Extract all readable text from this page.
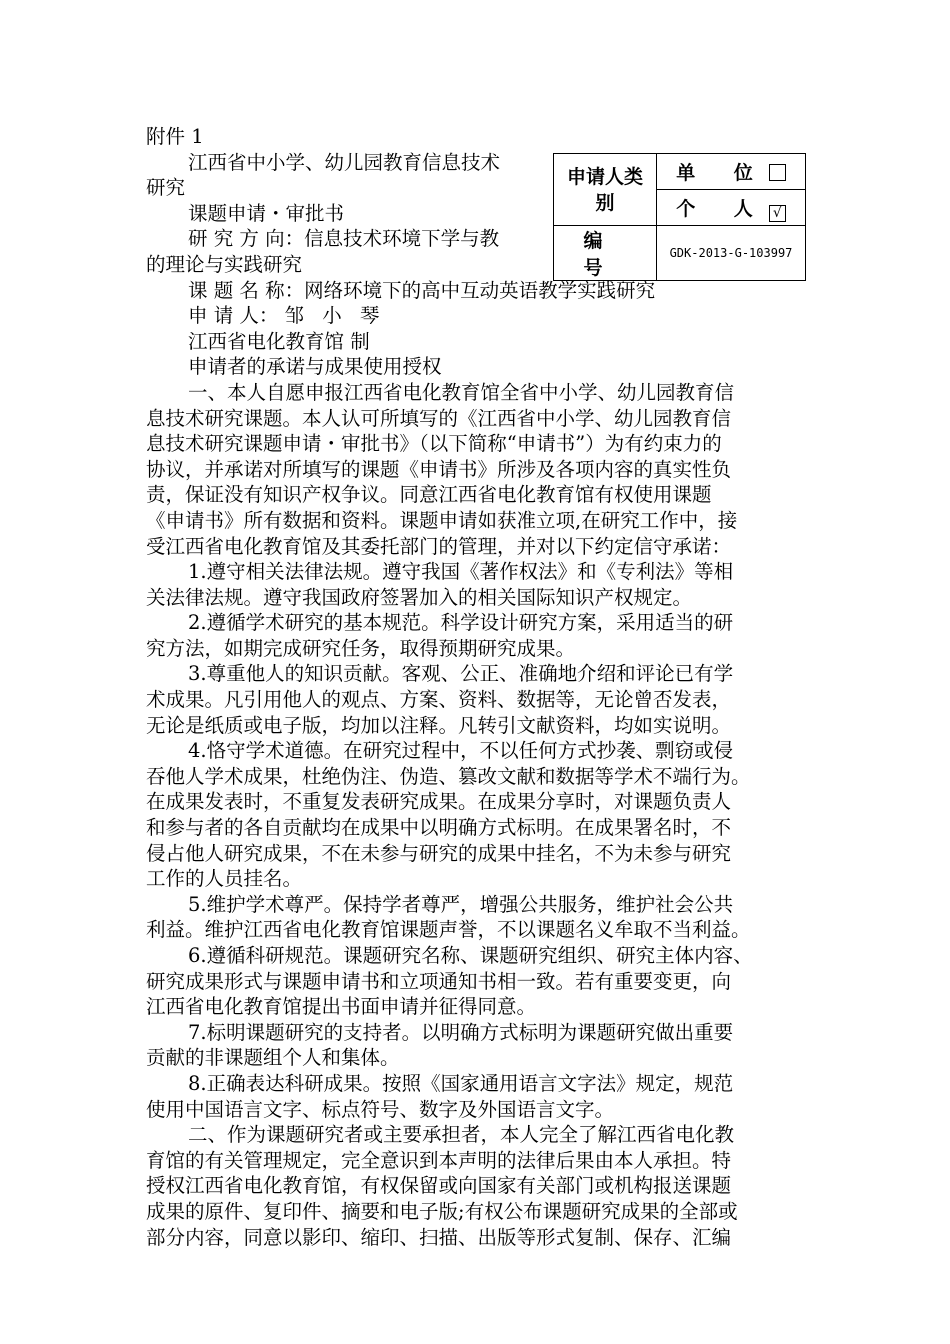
附件 1
江西省中小学、幼儿园教育信息技术
研究
课题申请・审批书
研 究 方 向：信息技术环境下学与教
的理论与实践研究
课 题 名 称：网络环境下的高中互动英语教学实践研究
申 请 人： 邹 小 琴
江西省电化教育馆 制
申请者的承诺与成果使用授权
一、本人自愿申报江西省电化教育馆全省中小学、幼儿园教育信
息技术研究课题。本人认可所填写的《江西省中小学、幼儿园教育信
息技术研究课题申请・审批书》（以下简称“申请书”）为有约束力的
协议，并承诺对所填写的课题《申请书》所涉及各项内容的真实性负
责，保证没有知识产权争议。同意江西省电化教育馆有权使用课题
《申请书》所有数据和资料。课题申请如获准立项,在研究工作中，接
受江西省电化教育馆及其委托部门的管理，并对以下约定信守承诺：
1.遵守相关法律法规。遵守我国《著作权法》和《专利法》等相
关法律法规。遵守我国政府签署加入的相关国际知识产权规定。
2.遵循学术研究的基本规范。科学设计研究方案，采用适当的研
究方法，如期完成研究任务，取得预期研究成果。
3.尊重他人的知识贡献。客观、公正、准确地介绍和评论已有学
术成果。凡引用他人的观点、方案、资料、数据等，无论曾否发表，
无论是纸质或电子版，均加以注释。凡转引文献资料，均如实说明。
4.恪守学术道德。在研究过程中，不以任何方式抄袭、剽窃或侵
吞他人学术成果，杜绝伪注、伪造、篡改文献和数据等学术不端行为。
在成果发表时，不重复发表研究成果。在成果分享时，对课题负责人
和参与者的各自贡献均在成果中以明确方式标明。在成果署名时，不
侵占他人研究成果，不在未参与研究的成果中挂名，不为未参与研究
工作的人员挂名。
5.维护学术尊严。保持学者尊严，增强公共服务，维护社会公共
利益。维护江西省电化教育馆课题声誉，不以课题名义牟取不当利益。
6.遵循科研规范。课题研究名称、课题研究组织、研究主体内容、
研究成果形式与课题申请书和立项通知书相一致。若有重要变更，向
江西省电化教育馆提出书面申请并征得同意。
7.标明课题研究的支持者。以明确方式标明为课题研究做出重要
贡献的非课题组个人和集体。
8.正确表达科研成果。按照《国家通用语言文字法》规定，规范
使用中国语言文字、标点符号、数字及外国语言文字。
二、作为课题研究者或主要承担者，本人完全了解江西省电化教
育馆的有关管理规定，完全意识到本声明的法律后果由本人承担。特
授权江西省电化教育馆，有权保留或向国家有关部门或机构报送课题
成果的原件、复印件、摘要和电子版;有权公布课题研究成果的全部或
部分内容，同意以影印、缩印、扫描、出版等形式复制、保存、汇编
申请人类别	单 位
	个 人 √
编 号	GDK-2013-G-103997
